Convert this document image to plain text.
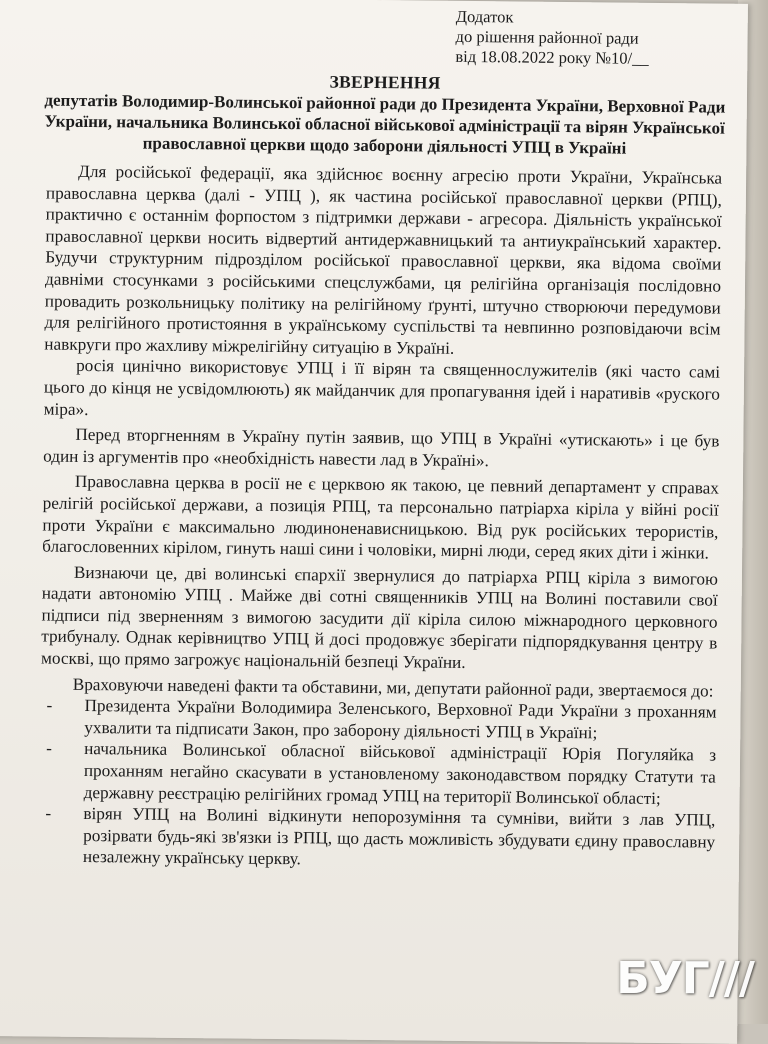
Додаток
до рішення районної ради
від 18.08.2022 року №10/__
ЗВЕРНЕННЯ
депутатів Володимир-Волинської районної ради до Президента України, Верховної Ради України, начальника Волинської обласної військової адміністрації та вірян Української православної церкви щодо заборони діяльності УПЦ в Україні

Для російської федерації, яка здійснює воєнну агресію проти України, Українська православна церква (далі - УПЦ ), як частина російської православної церкви (РПЦ), практично є останнім форпостом з підтримки держави - агресора. Діяльність української православної церкви носить відвертий антидержавницький та антиукраїнський характер. Будучи структурним підрозділом російської православної церкви, яка відома своїми давніми стосунками з російськими спецслужбами, ця релігійна організація послідовно провадить розкольницьку політику на релігійному ґрунті, штучно створюючи передумови для релігійного протистояння в українському суспільстві та невпинно розповідаючи всім навкруги про жахливу міжрелігійну ситуацію в Україні.

росія цинічно використовує УПЦ і її вірян та священнослужителів (які часто самі цього до кінця не усвідомлюють) як майданчик для пропагування ідей і наративів «руского міра».

Перед вторгненням в Україну путін заявив, що УПЦ в Україні «утискають» і це був один із аргументів про «необхідність навести лад в Україні».

Православна церква в росії не є церквою як такою, це певний департамент у справах релігій російської держави, а позиція РПЦ, та персонально патріарха кіріла у війні росії проти України є максимально людиноненависницькою. Від рук російських терористів, благословенних кірілом, гинуть наші сини і чоловіки, мирні люди, серед яких діти і жінки.

Визнаючи це, дві волинські єпархії звернулися до патріарха РПЦ кіріла з вимогою надати автономію УПЦ . Майже дві сотні священників УПЦ на Волині поставили свої підписи під зверненням з вимогою засудити дії кіріла силою міжнародного церковного трибуналу. Однак керівництво УПЦ й досі продовжує зберігати підпорядкування центру в москві, що прямо загрожує національній безпеці України.

Враховуючи наведені факти та обставини, ми, депутати районної ради, звертаємося до:

-	Президента України Володимира Зеленського, Верховної Ради України з проханням ухвалити та підписати Закон, про заборону діяльності УПЦ в Україні;
-	начальника Волинської обласної військової адміністрації Юрія Погуляйка з проханням негайно скасувати в установленому законодавством порядку Статути та державну реєстрацію релігійних громад УПЦ на території Волинської області;
-	вірян УПЦ на Волині відкинути непорозуміння та сумніви, вийти з лав УПЦ, розірвати будь-які зв'язки із РПЦ, що дасть можливість збудувати єдину православну незалежну українську церкву.
БУГ///
